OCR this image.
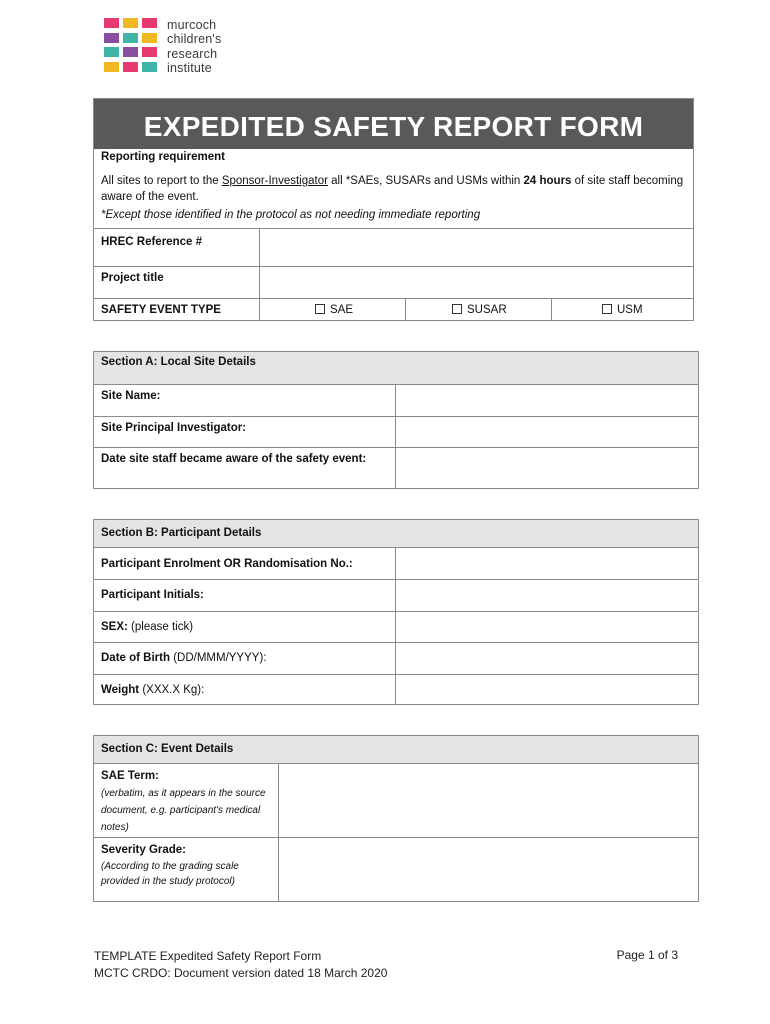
murcoch
children's
research
institute
EXPEDITED SAFETY REPORT FORM
Reporting requirement
All sites to report to the Sponsor-Investigator all *SAEs, SUSARs and USMs within 24 hours of site staff becoming aware of the event.
*Except those identified in the protocol as not needing immediate reporting
HREC Reference #
Project title
SAFETY EVENT TYPE	SAE	SUSAR	USM
Section A: Local Site Details
Site Name:
Site Principal Investigator:
Date site staff became aware of the safety event:
Section B: Participant Details
Participant Enrolment OR Randomisation No.:
Participant Initials:
SEX: (please tick)
Date of Birth (DD/MMM/YYYY):
Weight (XXX.X Kg):
Section C: Event Details
SAE Term:
(verbatim, as it appears in the source document, e.g. participant's medical notes)
Severity Grade:
(According to the grading scale provided in the study protocol)
TEMPLATE Expedited Safety Report Form
MCTC CRDO: Document version dated 18 March 2020
Page 1 of 3
